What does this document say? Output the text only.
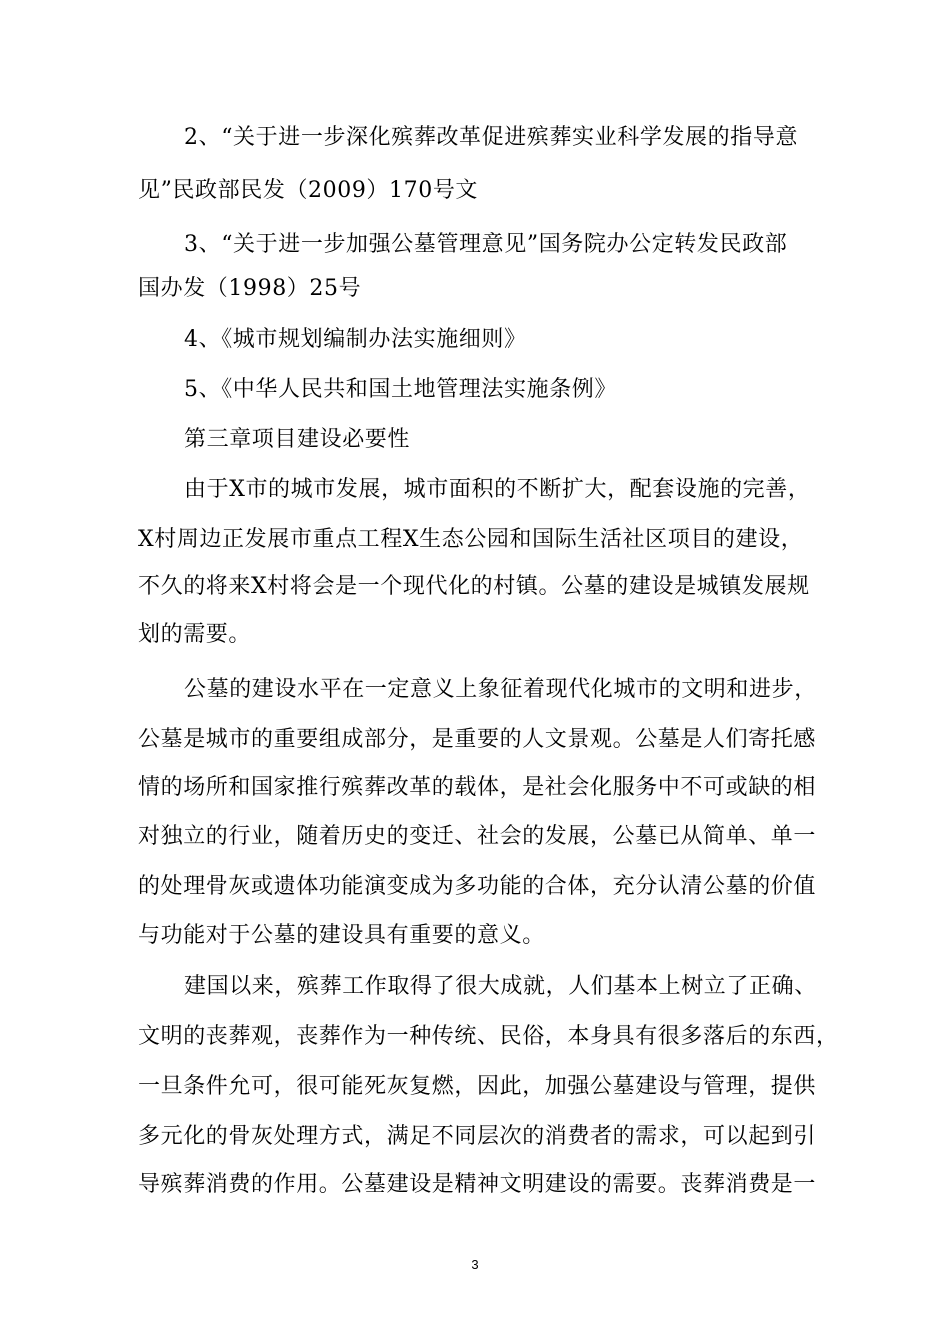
2、“关于进一步深化殡葬改革促进殡葬实业科学发展的指导意
见”民政部民发（2009）170号文
3、“关于进一步加强公墓管理意见”国务院办公定转发民政部
国办发（1998）25号
4、《城市规划编制办法实施细则》
5、《中华人民共和国土地管理法实施条例》
第三章项目建设必要性
由于X市的城市发展，城市面积的不断扩大，配套设施的完善，
X村周边正发展市重点工程X生态公园和国际生活社区项目的建设，
不久的将来X村将会是一个现代化的村镇。公墓的建设是城镇发展规
划的需要。
公墓的建设水平在一定意义上象征着现代化城市的文明和进步，
公墓是城市的重要组成部分，是重要的人文景观。公墓是人们寄托感
情的场所和国家推行殡葬改革的载体，是社会化服务中不可或缺的相
对独立的行业，随着历史的变迁、社会的发展，公墓已从简单、单一
的处理骨灰或遗体功能演变成为多功能的合体，充分认清公墓的价值
与功能对于公墓的建设具有重要的意义。
建国以来，殡葬工作取得了很大成就，人们基本上树立了正确、
文明的丧葬观，丧葬作为一种传统、民俗，本身具有很多落后的东西，
一旦条件允可，很可能死灰复燃，因此，加强公墓建设与管理，提供
多元化的骨灰处理方式，满足不同层次的消费者的需求，可以起到引
导殡葬消费的作用。公墓建设是精神文明建设的需要。丧葬消费是一
3
